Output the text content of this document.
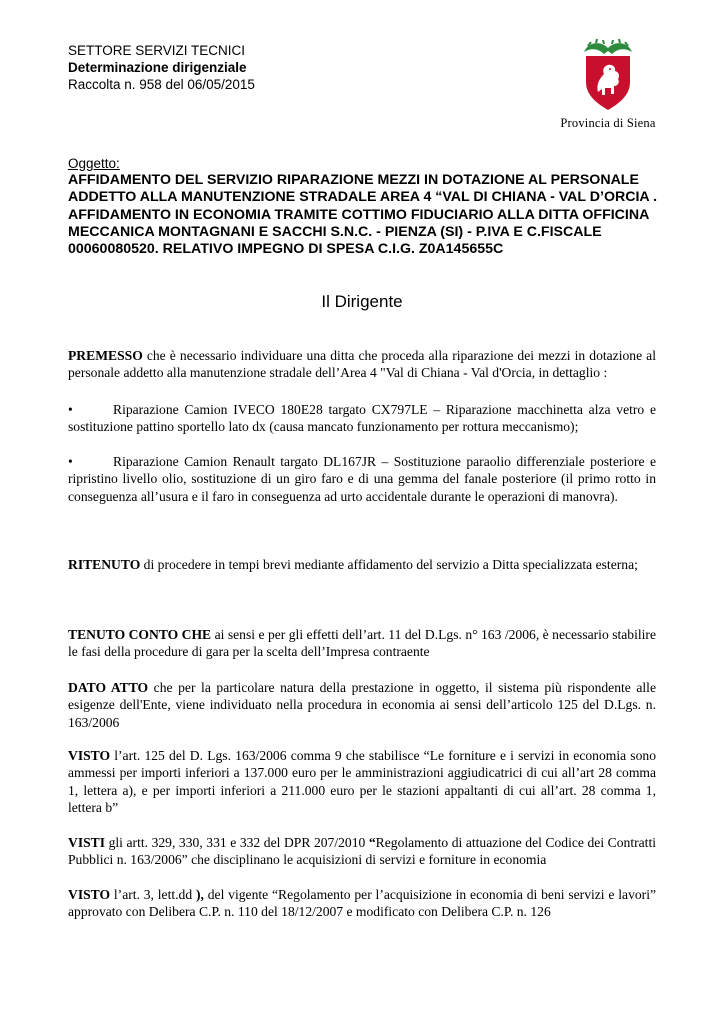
SETTORE SERVIZI TECNICI
Determinazione dirigenziale
Raccolta n. 958 del 06/05/2015
Provincia di Siena
Oggetto:
AFFIDAMENTO DEL SERVIZIO RIPARAZIONE MEZZI IN DOTAZIONE AL PERSONALE ADDETTO ALLA MANUTENZIONE STRADALE AREA 4 “VAL DI CHIANA - VAL D’ORCIA . AFFIDAMENTO IN ECONOMIA TRAMITE COTTIMO FIDUCIARIO ALLA DITTA OFFICINA MECCANICA MONTAGNANI E SACCHI S.N.C. - PIENZA (SI) - P.IVA E C.FISCALE 00060080520. RELATIVO IMPEGNO DI SPESA C.I.G. Z0A145655C
Il Dirigente
PREMESSO che è necessario individuare una ditta che proceda alla riparazione dei mezzi in dotazione al personale addetto alla manutenzione stradale dell’Area 4 "Val di Chiana - Val d'Orcia, in dettaglio :
•	Riparazione Camion IVECO 180E28 targato CX797LE – Riparazione macchinetta alza vetro e sostituzione pattino sportello lato dx (causa mancato funzionamento per rottura meccanismo);
•	Riparazione Camion Renault targato DL167JR – Sostituzione paraolio differenziale posteriore e ripristino livello olio, sostituzione di un giro faro e di una gemma del fanale posteriore (il primo rotto in conseguenza all’usura e il faro in conseguenza ad urto accidentale durante le operazioni di manovra).
RITENUTO di procedere in tempi brevi mediante affidamento del servizio a Ditta specializzata esterna;
TENUTO CONTO CHE ai sensi e per gli effetti dell’art. 11 del D.Lgs. n° 163 /2006, è necessario stabilire le fasi della procedure di gara per la scelta dell’Impresa contraente
DATO ATTO che per la particolare natura della prestazione in oggetto, il sistema più rispondente alle esigenze dell'Ente, viene individuato nella procedura in economia ai sensi dell’articolo 125 del D.Lgs. n. 163/2006
VISTO l’art. 125 del D. Lgs. 163/2006 comma 9 che stabilisce “Le forniture e i servizi in economia sono ammessi per importi inferiori a 137.000 euro per le amministrazioni aggiudicatrici di cui all’art 28 comma 1, lettera a), e per importi inferiori a 211.000 euro per le stazioni appaltanti di cui all’art. 28 comma 1, lettera b”
VISTI gli artt. 329, 330, 331 e 332 del DPR 207/2010 “Regolamento di attuazione del Codice dei Contratti Pubblici n. 163/2006” che disciplinano le acquisizioni di servizi e forniture in economia
VISTO l’art. 3, lett.dd ), del vigente “Regolamento per l’acquisizione in economia di beni servizi e lavori” approvato con Delibera C.P. n. 110 del 18/12/2007 e modificato con Delibera C.P. n. 126
